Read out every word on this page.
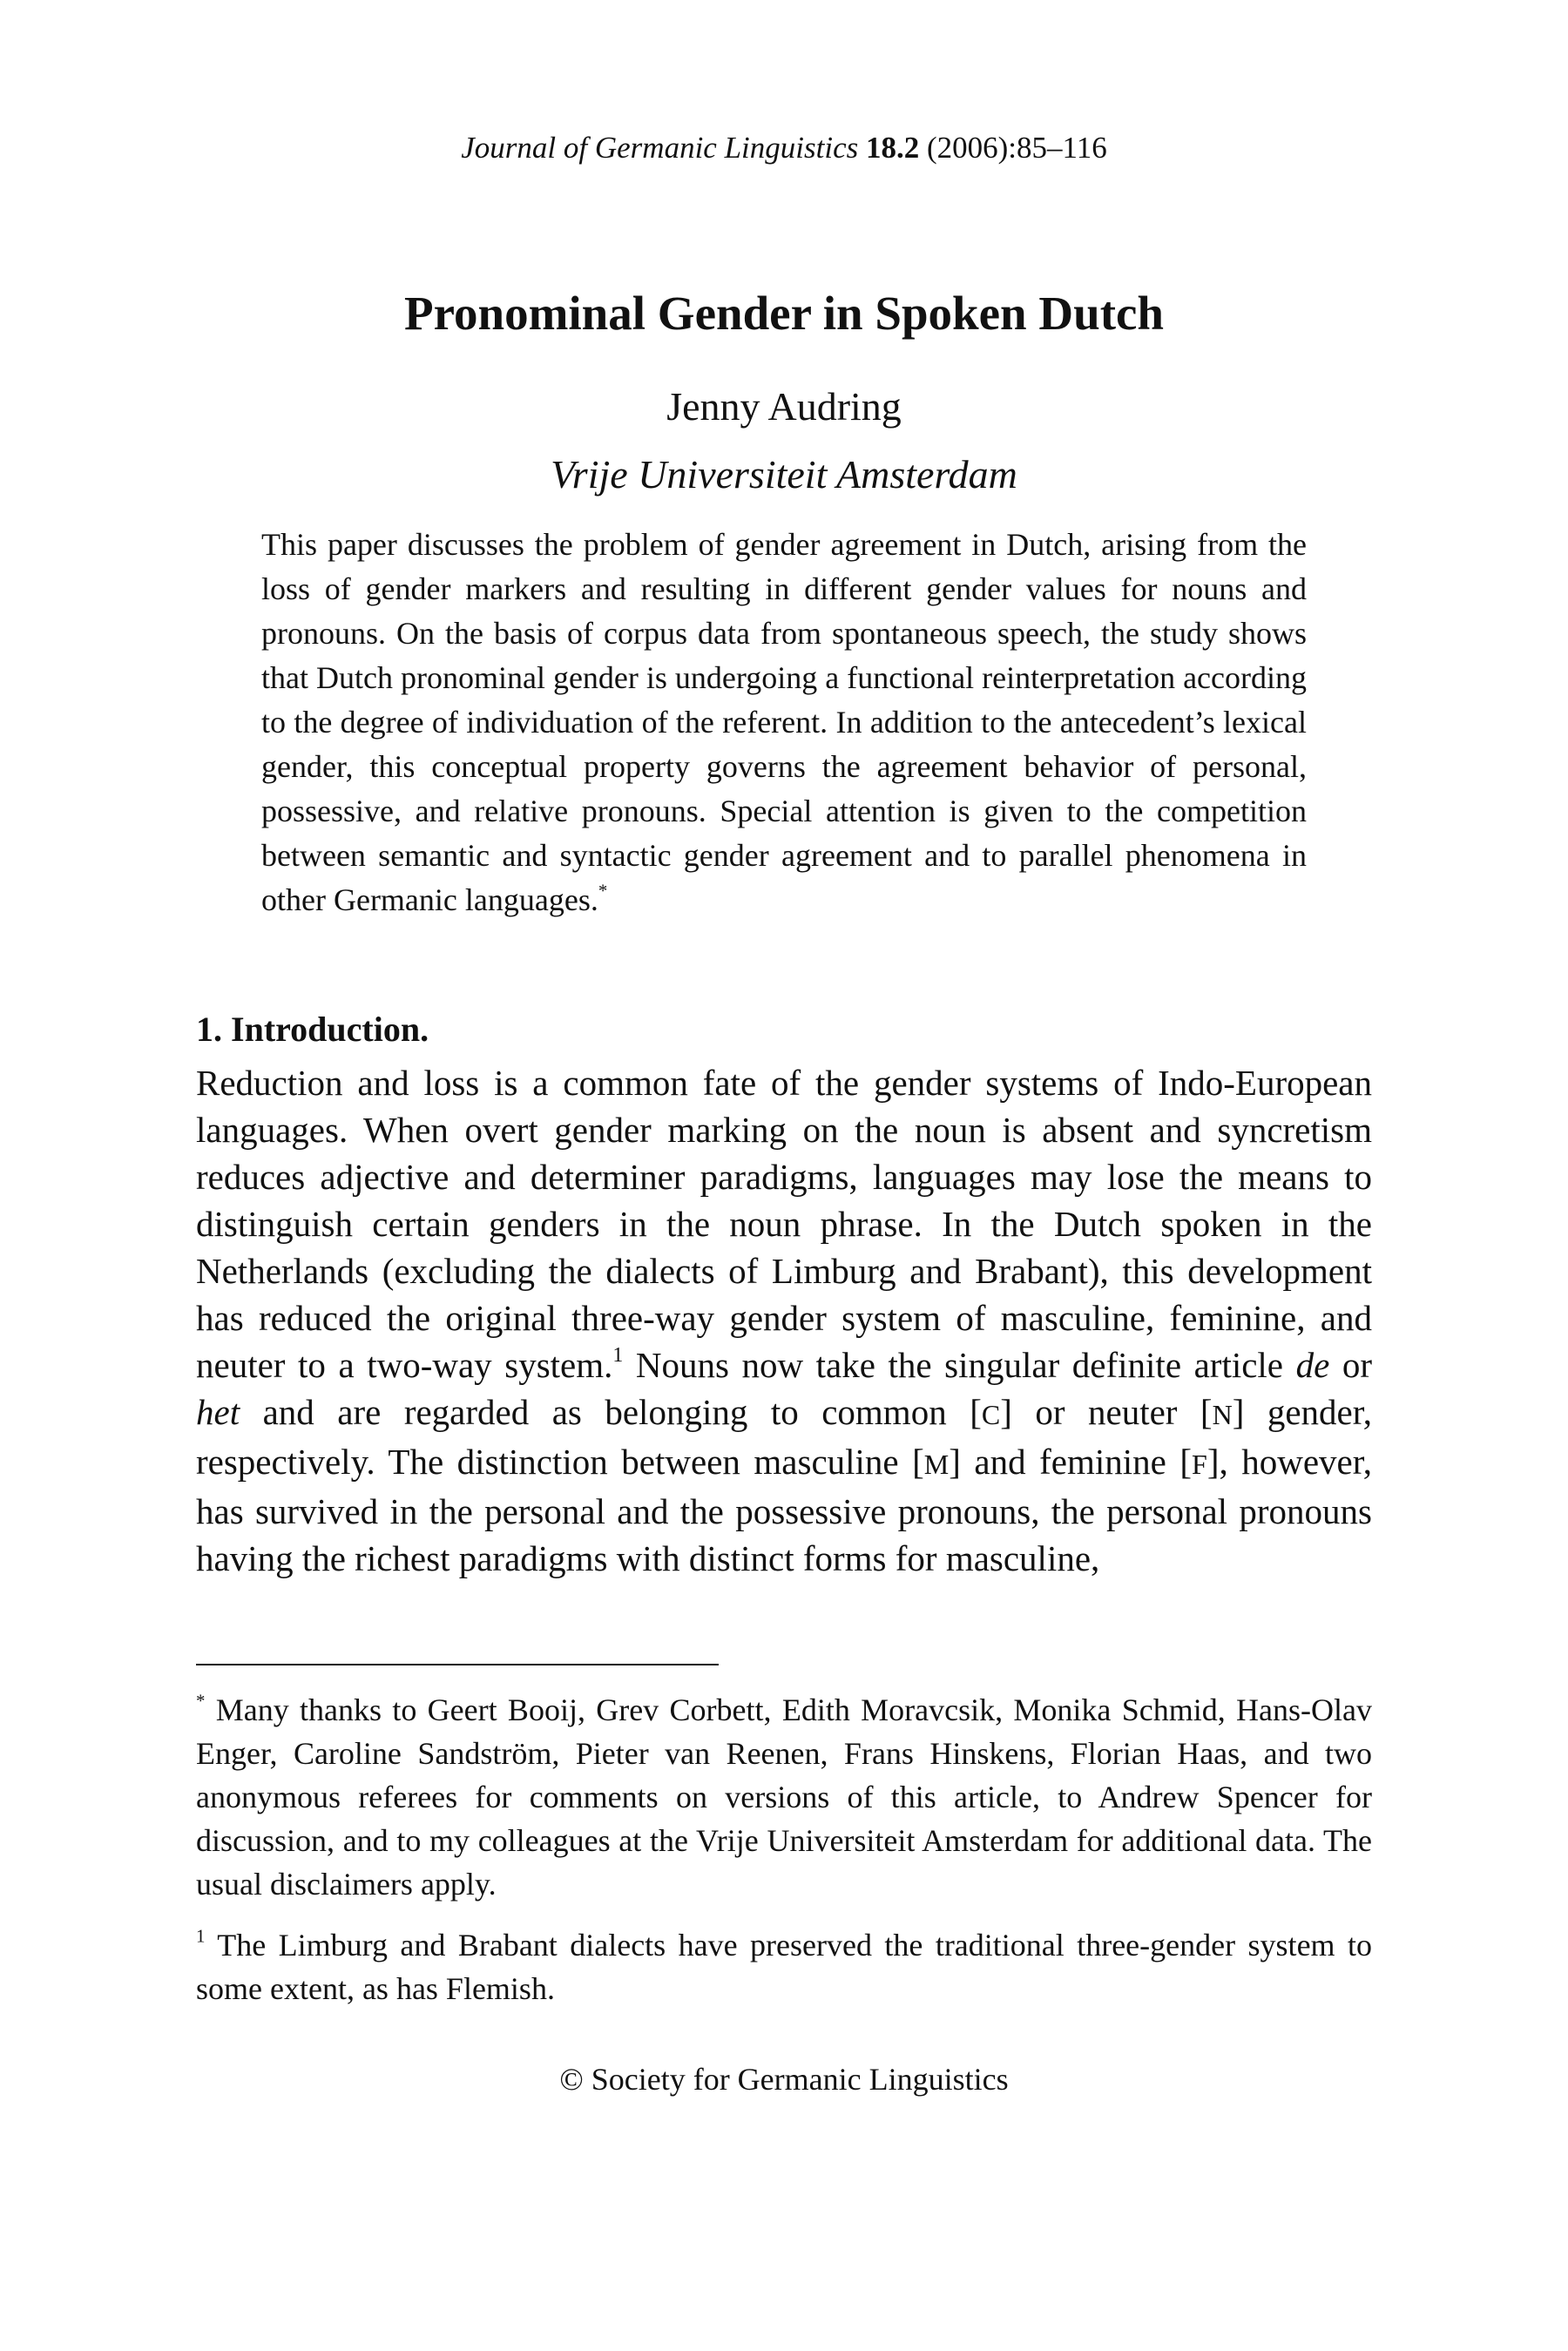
Journal of Germanic Linguistics 18.2 (2006):85–116
Pronominal Gender in Spoken Dutch
Jenny Audring
Vrije Universiteit Amsterdam

This paper discusses the problem of gender agreement in Dutch, arising from the loss of gender markers and resulting in different gender values for nouns and pronouns. On the basis of corpus data from spontaneous speech, the study shows that Dutch pronominal gender is undergoing a functional reinterpretation according to the degree of individuation of the referent. In addition to the antecedent’s lexical gender, this conceptual property governs the agreement behavior of personal, possessive, and relative pronouns. Special attention is given to the competition between semantic and syntactic gender agreement and to parallel phenomena in other Germanic languages.*

1. Introduction.

Reduction and loss is a common fate of the gender systems of Indo-European languages. When overt gender marking on the noun is absent and syncretism reduces adjective and determiner paradigms, languages may lose the means to distinguish certain genders in the noun phrase. In the Dutch spoken in the Netherlands (excluding the dialects of Limburg and Brabant), this development has reduced the original three-way gender system of masculine, feminine, and neuter to a two-way system.$^1$ Nouns now take the singular definite article de or het and are regarded as belonging to common [C] or neuter [N] gender, respectively. The distinction between masculine [M] and feminine [F], however, has survived in the personal and the possessive pronouns, the personal pronouns having the richest paradigms with distinct forms for masculine,

* Many thanks to Geert Booij, Grev Corbett, Edith Moravcsik, Monika Schmid, Hans-Olav Enger, Caroline Sandström, Pieter van Reenen, Frans Hinskens, Florian Haas, and two anonymous referees for comments on versions of this article, to Andrew Spencer for discussion, and to my colleagues at the Vrije Universiteit Amsterdam for additional data. The usual disclaimers apply.

$^1$ The Limburg and Brabant dialects have preserved the traditional three-gender system to some extent, as has Flemish.

© Society for Germanic Linguistics
